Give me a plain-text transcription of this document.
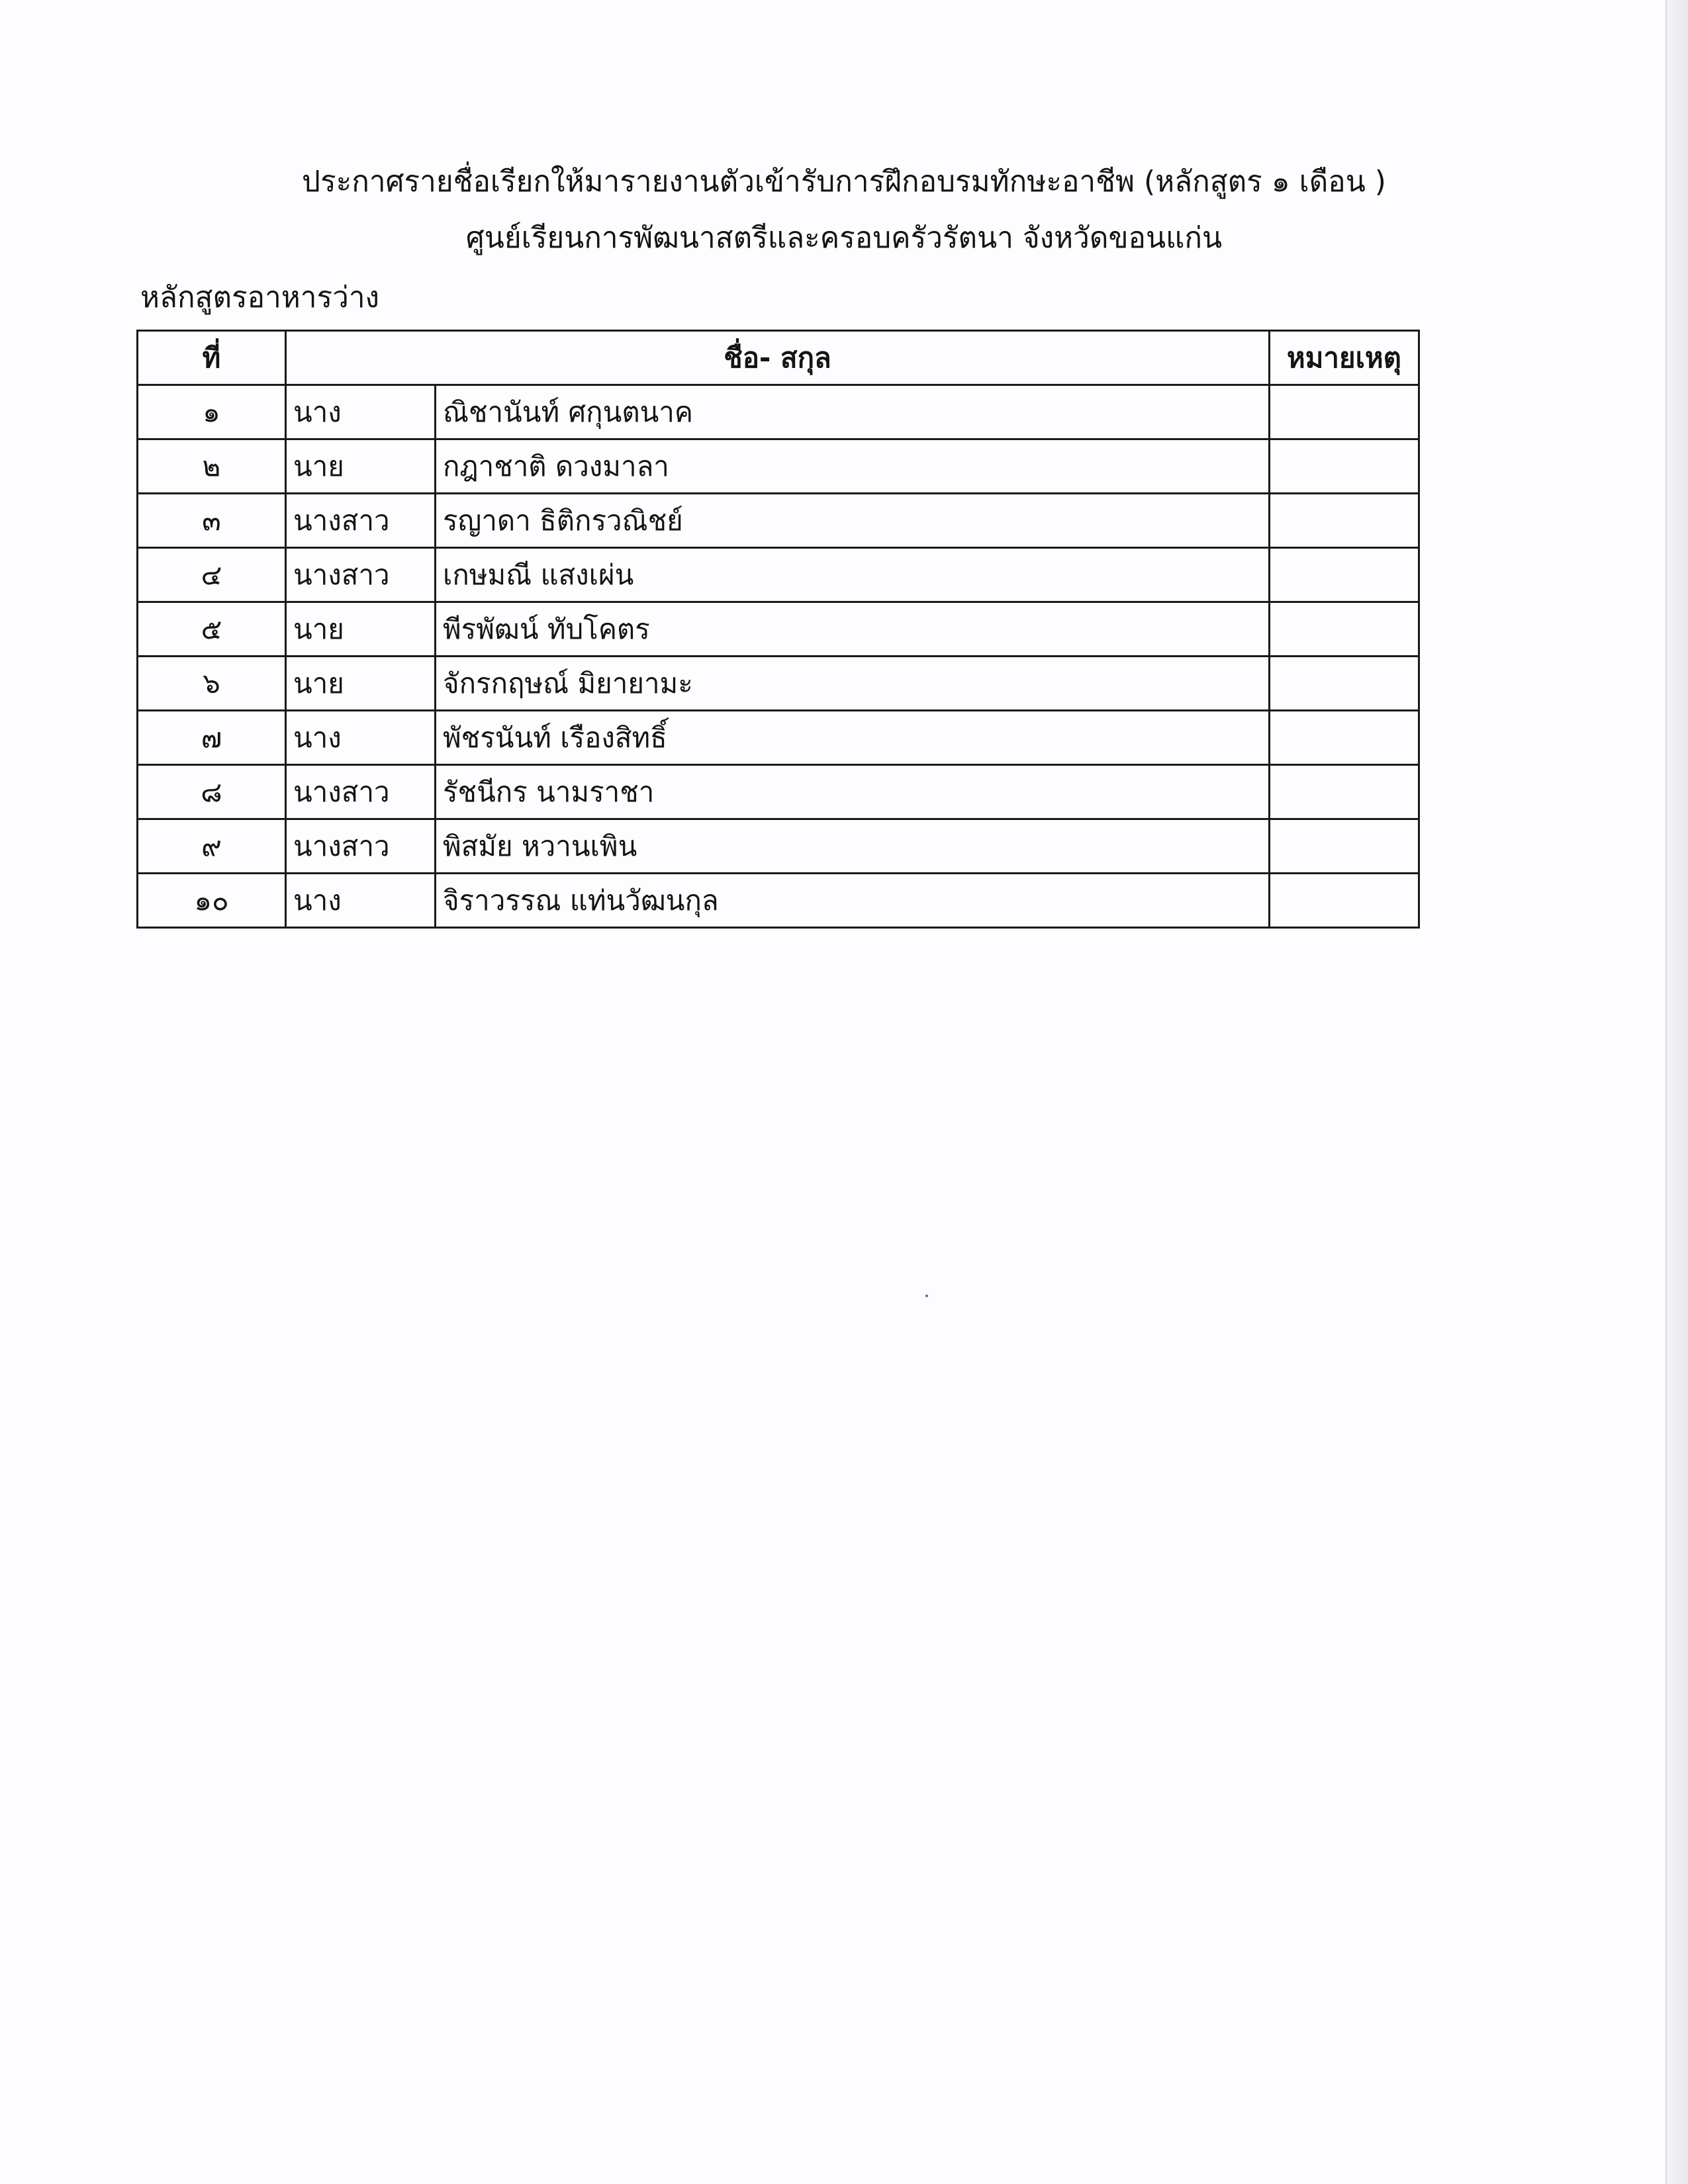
ประกาศรายชื่อเรียกให้มารายงานตัวเข้ารับการฝึกอบรมทักษะอาชีพ (หลักสูตร ๑ เดือน )
ศูนย์เรียนการพัฒนาสตรีและครอบครัวรัตนา จังหวัดขอนแก่น
หลักสูตรอาหารว่าง
ที่	ชื่อ- สกุล		หมายเหตุ
๑	นาง	ณิชานันท์ ศกุนตนาค	
๒	นาย	กฎาชาติ ดวงมาลา	
๓	นางสาว	รญาดา ธิติกรวณิชย์	
๔	นางสาว	เกษมณี แสงเผ่น	
๕	นาย	พีรพัฒน์ ทับโคตร	
๖	นาย	จักรกฤษณ์ มิยายามะ	
๗	นาง	พัชรนันท์ เรืองสิทธิ์	
๘	นางสาว	รัชนีกร นามราชา	
๙	นางสาว	พิสมัย หวานเพิน	
๑๐	นาง	จิราวรรณ แท่นวัฒนกุล	
